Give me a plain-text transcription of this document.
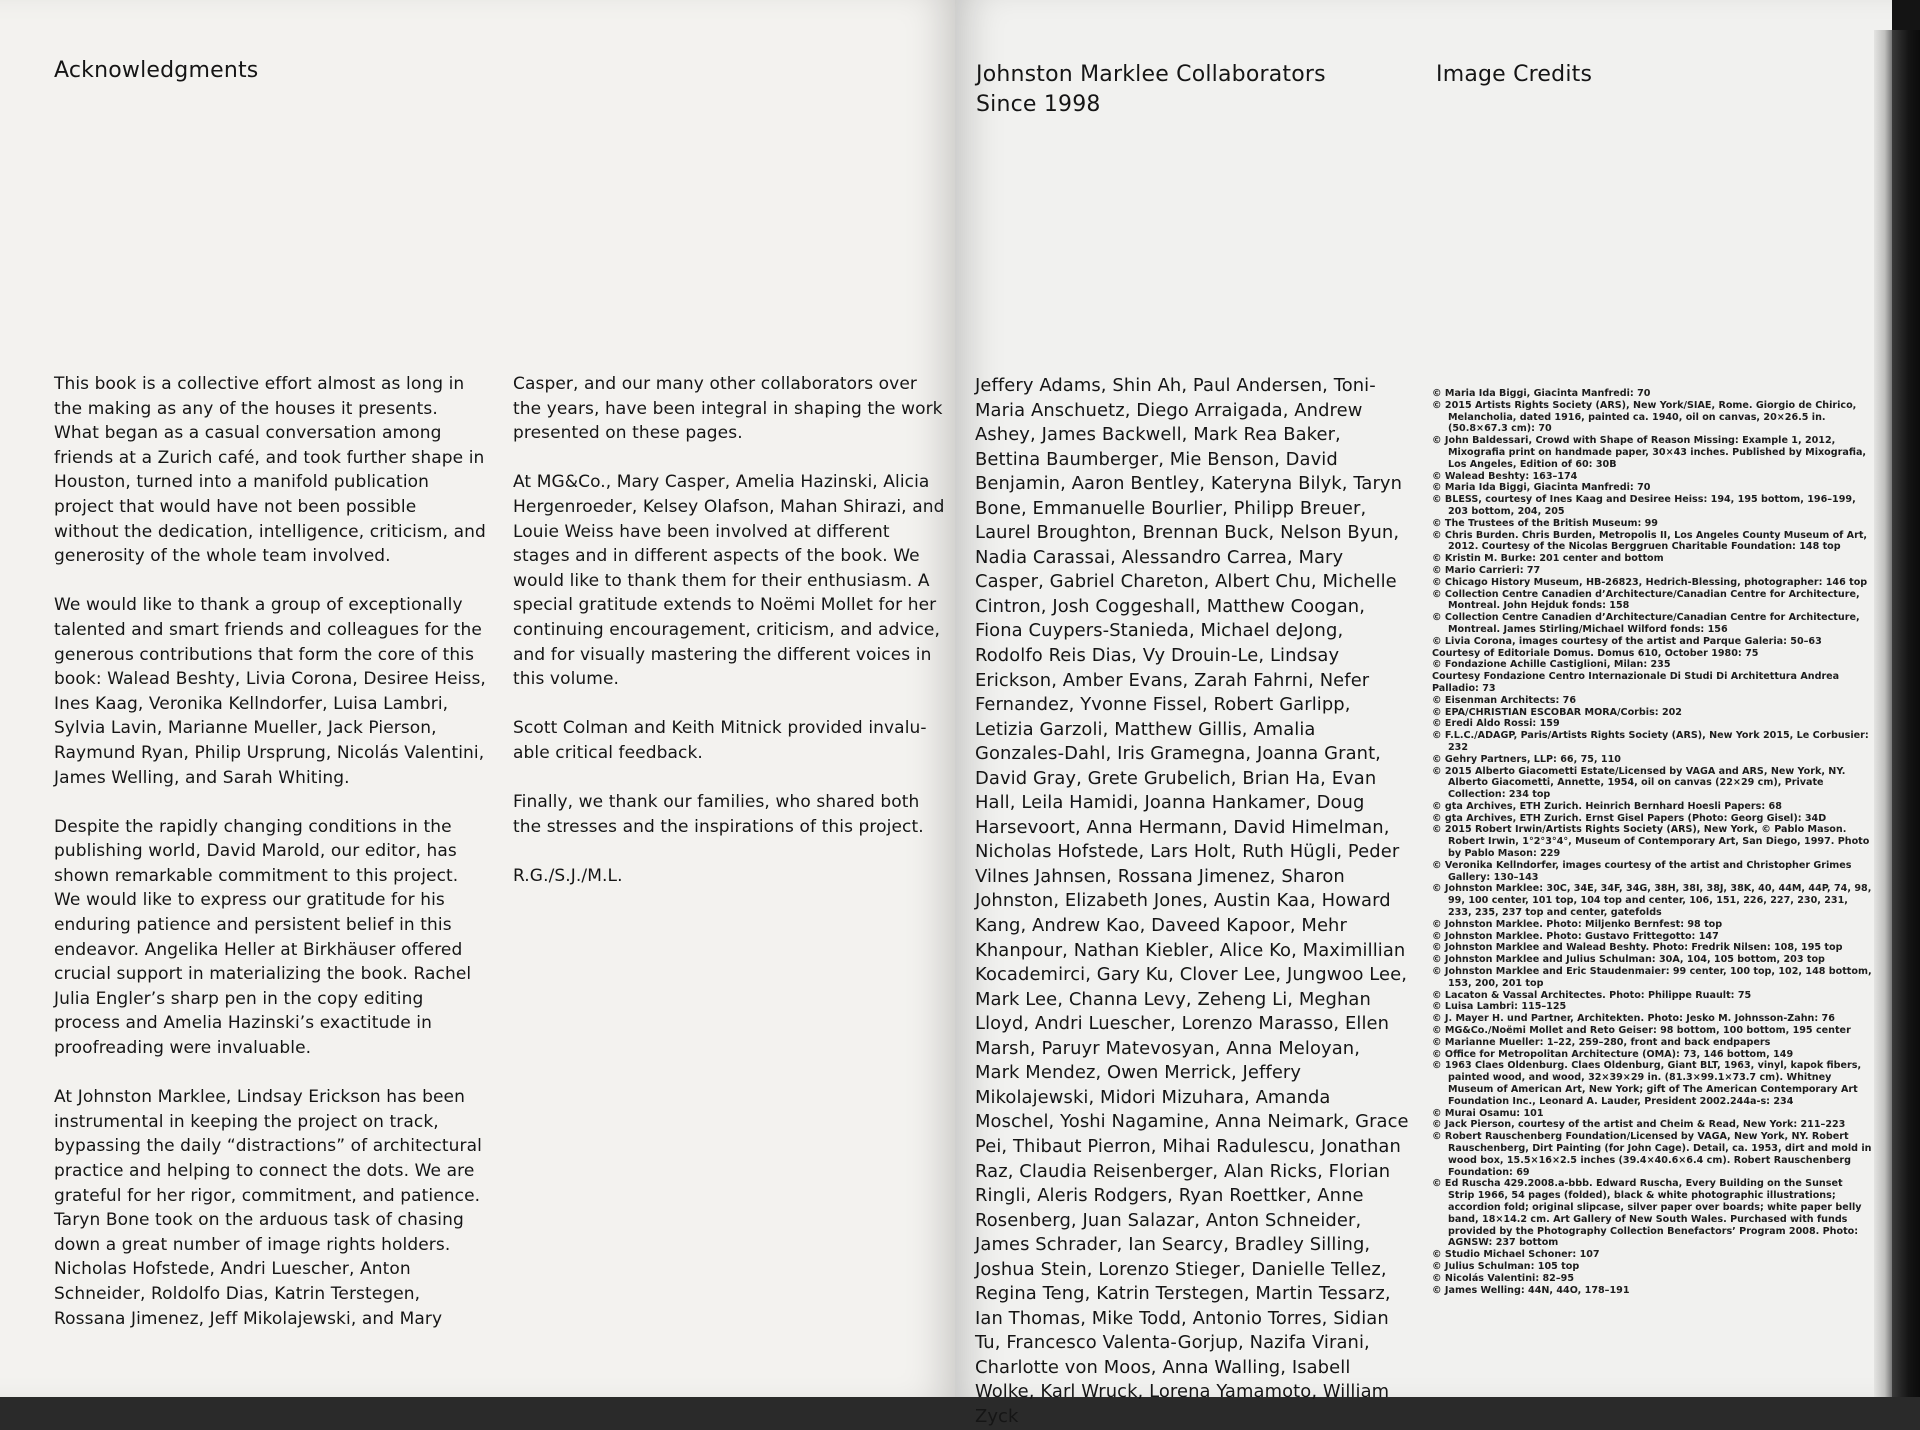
Acknowledgments

This book is a collective effort almost as long in the making as any of the houses it presents. What began as a casual conversation among friends at a Zurich café, and took further shape in Houston, turned into a manifold publication project that would have not been possible without the dedication, intelligence, criticism, and generosity of the whole team involved.

We would like to thank a group of exceptionally talented and smart friends and colleagues for the generous contributions that form the core of this book: Walead Beshty, Livia Corona, Desiree Heiss, Ines Kaag, Veronika Kellndorfer, Luisa Lambri, Sylvia Lavin, Marianne Mueller, Jack Pierson, Raymund Ryan, Philip Ursprung, Nicolás Valentini, James Welling, and Sarah Whiting.

Despite the rapidly changing conditions in the publishing world, David Marold, our editor, has shown remarkable commitment to this project. We would like to express our gratitude for his enduring patience and persistent belief in this endeavor. Angelika Heller at Birkhäuser offered crucial support in materializing the book. Rachel Julia Engler’s sharp pen in the copy editing process and Amelia Hazinski’s exactitude in proofreading were invaluable.

At Johnston Marklee, Lindsay Erickson has been instrumental in keeping the project on track, bypassing the daily “distractions” of architectural practice and helping to connect the dots. We are grateful for her rigor, commitment, and patience. Taryn Bone took on the arduous task of chasing down a great number of image rights holders. Nicholas Hofstede, Andri Luescher, Anton Schneider, Roldolfo Dias, Katrin Terstegen, Rossana Jimenez, Jeff Mikolajewski, and Mary

Casper, and our many other collaborators over the years, have been integral in shaping the work presented on these pages.

At MG&Co., Mary Casper, Amelia Hazinski, Alicia Hergenroeder, Kelsey Olafson, Mahan Shirazi, and Louie Weiss have been involved at different stages and in different aspects of the book. We would like to thank them for their enthusiasm. A special gratitude extends to Noëmi Mollet for her continuing encouragement, criticism, and advice, and for visually mastering the different voices in this volume.

Scott Colman and Keith Mitnick provided invaluable critical feedback.

Finally, we thank our families, who shared both the stresses and the inspirations of this project.

R.G./S.J./M.L.

Johnston Marklee Collaborators Since 1998
Jeffery Adams, Shin Ah, Paul Andersen, Toni-Maria Anschuetz, Diego Arraigada, Andrew Ashey, James Backwell, Mark Rea Baker, Bettina Baumberger, Mie Benson, David Benjamin, Aaron Bentley, Kateryna Bilyk, Taryn Bone, Emmanuelle Bourlier, Philipp Breuer, Laurel Broughton, Brennan Buck, Nelson Byun, Nadia Carassai, Alessandro Carrea, Mary Casper, Gabriel Chareton, Albert Chu, Michelle Cintron, Josh Coggeshall, Matthew Coogan, Fiona Cuypers-Stanieda, Michael deJong, Rodolfo Reis Dias, Vy Drouin-Le, Lindsay Erickson, Amber Evans, Zarah Fahrni, Nefer Fernandez, Yvonne Fissel, Robert Garlipp, Letizia Garzoli, Matthew Gillis, Amalia Gonzales-Dahl, Iris Gramegna, Joanna Grant, David Gray, Grete Grubelich, Brian Ha, Evan Hall, Leila Hamidi, Joanna Hankamer, Doug Harsevoort, Anna Hermann, David Himelman, Nicholas Hofstede, Lars Holt, Ruth Hügli, Peder Vilnes Jahnsen, Rossana Jimenez, Sharon Johnston, Elizabeth Jones, Austin Kaa, Howard Kang, Andrew Kao, Daveed Kapoor, Mehr Khanpour, Nathan Kiebler, Alice Ko, Maximillian Kocademirci, Gary Ku, Clover Lee, Jungwoo Lee, Mark Lee, Channa Levy, Zeheng Li, Meghan Lloyd, Andri Luescher, Lorenzo Marasso, Ellen Marsh, Paruyr Matevosyan, Anna Meloyan, Mark Mendez, Owen Merrick, Jeffery Mikolajewski, Midori Mizuhara, Amanda Moschel, Yoshi Nagamine, Anna Neimark, Grace Pei, Thibaut Pierron, Mihai Radulescu, Jonathan Raz, Claudia Reisenberger, Alan Ricks, Florian Ringli, Aleris Rodgers, Ryan Roettker, Anne Rosenberg, Juan Salazar, Anton Schneider, James Schrader, Ian Searcy, Bradley Silling, Joshua Stein, Lorenzo Stieger, Danielle Tellez, Regina Teng, Katrin Terstegen, Martin Tessarz, Ian Thomas, Mike Todd, Antonio Torres, Sidian Tu, Francesco Valenta-Gorjup, Nazifa Virani, Charlotte von Moos, Anna Walling, Isabell Wolke, Karl Wruck, Lorena Yamamoto, William Zyck
Image Credits
© Maria Ida Biggi, Giacinta Manfredi: 70
© 2015 Artists Rights Society (ARS), New York/SIAE, Rome. Giorgio de Chirico, Melancholia, dated 1916, painted ca. 1940, oil on canvas, 20×26.5 in. (50.8×67.3 cm): 70
© John Baldessari, Crowd with Shape of Reason Missing: Example 1, 2012, Mixografia print on handmade paper, 30×43 inches. Published by Mixografia, Los Angeles, Edition of 60: 30B
© Walead Beshty: 163–174
© Maria Ida Biggi, Giacinta Manfredi: 70
© BLESS, courtesy of Ines Kaag and Desiree Heiss: 194, 195 bottom, 196–199, 203 bottom, 204, 205
© The Trustees of the British Museum: 99
© Chris Burden. Chris Burden, Metropolis II, Los Angeles County Museum of Art, 2012. Courtesy of the Nicolas Berggruen Charitable Foundation: 148 top
© Kristin M. Burke: 201 center and bottom
© Mario Carrieri: 77
© Chicago History Museum, HB-26823, Hedrich-Blessing, photographer: 146 top
© Collection Centre Canadien d’Architecture/Canadian Centre for Architecture, Montreal. John Hejduk fonds: 158
© Collection Centre Canadien d’Architecture/Canadian Centre for Architecture, Montreal. James Stirling/Michael Wilford fonds: 156
© Livia Corona, images courtesy of the artist and Parque Galeria: 50–63
Courtesy of Editoriale Domus. Domus 610, October 1980: 75
© Fondazione Achille Castiglioni, Milan: 235
Courtesy Fondazione Centro Internazionale Di Studi Di Architettura Andrea Palladio: 73
© Eisenman Architects: 76
© EPA/CHRISTIAN ESCOBAR MORA/Corbis: 202
© Eredi Aldo Rossi: 159
© F.L.C./ADAGP, Paris/Artists Rights Society (ARS), New York 2015, Le Corbusier: 232
© Gehry Partners, LLP: 66, 75, 110
© 2015 Alberto Giacometti Estate/Licensed by VAGA and ARS, New York, NY. Alberto Giacometti, Annette, 1954, oil on canvas (22×29 cm), Private Collection: 234 top
© gta Archives, ETH Zurich. Heinrich Bernhard Hoesli Papers: 68
© gta Archives, ETH Zurich. Ernst Gisel Papers (Photo: Georg Gisel): 34D
© 2015 Robert Irwin/Artists Rights Society (ARS), New York, © Pablo Mason. Robert Irwin, 1°2°3°4°, Museum of Contemporary Art, San Diego, 1997. Photo by Pablo Mason: 229
© Veronika Kellndorfer, images courtesy of the artist and Christopher Grimes Gallery: 130–143
© Johnston Marklee: 30C, 34E, 34F, 34G, 38H, 38I, 38J, 38K, 40, 44M, 44P, 74, 98, 99, 100 center, 101 top, 104 top and center, 106, 151, 226, 227, 230, 231, 233, 235, 237 top and center, gatefolds
© Johnston Marklee. Photo: Miljenko Bernfest: 98 top
© Johnston Marklee. Photo: Gustavo Frittegotto: 147
© Johnston Marklee and Walead Beshty. Photo: Fredrik Nilsen: 108, 195 top
© Johnston Marklee and Julius Schulman: 30A, 104, 105 bottom, 203 top
© Johnston Marklee and Eric Staudenmaier: 99 center, 100 top, 102, 148 bottom, 153, 200, 201 top
© Lacaton & Vassal Architectes. Photo: Philippe Ruault: 75
© Luisa Lambri: 115–125
© J. Mayer H. und Partner, Architekten. Photo: Jesko M. Johnsson-Zahn: 76
© MG&Co./Noëmi Mollet and Reto Geiser: 98 bottom, 100 bottom, 195 center
© Marianne Mueller: 1–22, 259–280, front and back endpapers
© Office for Metropolitan Architecture (OMA): 73, 146 bottom, 149
© 1963 Claes Oldenburg. Claes Oldenburg, Giant BLT, 1963, vinyl, kapok fibers, painted wood, and wood, 32×39×29 in. (81.3×99.1×73.7 cm). Whitney Museum of American Art, New York; gift of The American Contemporary Art Foundation Inc., Leonard A. Lauder, President 2002.244a-s: 234
© Murai Osamu: 101
© Jack Pierson, courtesy of the artist and Cheim & Read, New York: 211–223
© Robert Rauschenberg Foundation/Licensed by VAGA, New York, NY. Robert Rauschenberg, Dirt Painting (for John Cage). Detail, ca. 1953, dirt and mold in wood box, 15.5×16×2.5 inches (39.4×40.6×6.4 cm). Robert Rauschenberg Foundation: 69
© Ed Ruscha 429.2008.a-bbb. Edward Ruscha, Every Building on the Sunset Strip 1966, 54 pages (folded), black & white photographic illustrations; accordion fold; original slipcase, silver paper over boards; white paper belly band, 18×14.2 cm. Art Gallery of New South Wales. Purchased with funds provided by the Photography Collection Benefactors’ Program 2008. Photo: AGNSW: 237 bottom
© Studio Michael Schoner: 107
© Julius Schulman: 105 top
© Nicolás Valentini: 82–95
© James Welling: 44N, 44O, 178–191
